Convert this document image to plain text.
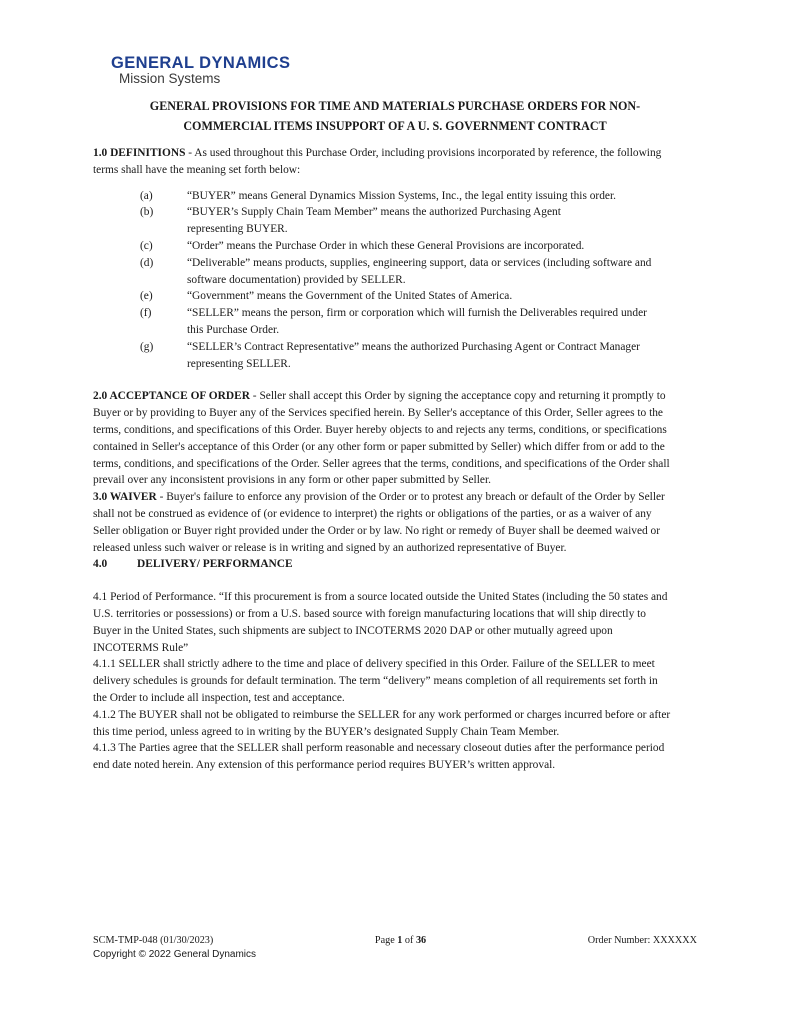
GENERAL DYNAMICS
Mission Systems
GENERAL PROVISIONS FOR TIME AND MATERIALS PURCHASE ORDERS FOR NON-
COMMERCIAL ITEMS INSUPPORT OF A U. S. GOVERNMENT CONTRACT

1.0 DEFINITIONS - As used throughout this Purchase Order, including provisions incorporated by reference, the following terms shall have the meaning set forth below:

(a)	“BUYER” means General Dynamics Mission Systems, Inc., the legal entity issuing this order.
(b)	“BUYER’s Supply Chain Team Member” means the authorized Purchasing Agent representing BUYER.
(c)	“Order” means the Purchase Order in which these General Provisions are incorporated.
(d)	“Deliverable” means products, supplies, engineering support, data or services (including software and software documentation) provided by SELLER.
(e)	“Government” means the Government of the United States of America.
(f)	“SELLER” means the person, firm or corporation which will furnish the Deliverables required under this Purchase Order.
(g)	“SELLER’s Contract Representative” means the authorized Purchasing Agent or Contract Manager representing SELLER.

2.0 ACCEPTANCE OF ORDER - Seller shall accept this Order by signing the acceptance copy and returning it promptly to Buyer or by providing to Buyer any of the Services specified herein. By Seller's acceptance of this Order, Seller agrees to the terms, conditions, and specifications of this Order. Buyer hereby objects to and rejects any terms, conditions, or specifications contained in Seller's acceptance of this Order (or any other form or paper submitted by Seller) which differ from or add to the terms, conditions, and specifications of the Order. Seller agrees that the terms, conditions, and specifications of the Order shall prevail over any inconsistent provisions in any form or other paper submitted by Seller.

3.0 WAIVER - Buyer's failure to enforce any provision of the Order or to protest any breach or default of the Order by Seller shall not be construed as evidence of (or evidence to interpret) the rights or obligations of the parties, or as a waiver of any Seller obligation or Buyer right provided under the Order or by law. No right or remedy of Buyer shall be deemed waived or released unless such waiver or release is in writing and signed by an authorized representative of Buyer.

4.0	DELIVERY/ PERFORMANCE

4.1 Period of Performance. “If this procurement is from a source located outside the United States (including the 50 states and U.S. territories or possessions) or from a U.S. based source with foreign manufacturing locations that will ship directly to Buyer in the United States, such shipments are subject to INCOTERMS 2020 DAP or other mutually agreed upon INCOTERMS Rule”

4.1.1 SELLER shall strictly adhere to the time and place of delivery specified in this Order. Failure of the SELLER to meet delivery schedules is grounds for default termination. The term “delivery” means completion of all requirements set forth in the Order to include all inspection, test and acceptance.

4.1.2 The BUYER shall not be obligated to reimburse the SELLER for any work performed or charges incurred before or after this time period, unless agreed to in writing by the BUYER’s designated Supply Chain Team Member.

4.1.3 The Parties agree that the SELLER shall perform reasonable and necessary closeout duties after the performance period end date noted herein. Any extension of this performance period requires BUYER’s written approval.

SCM-TMP-048 (01/30/2023)	Page 1 of 36	Order Number: XXXXXX
Copyright © 2022 General Dynamics
